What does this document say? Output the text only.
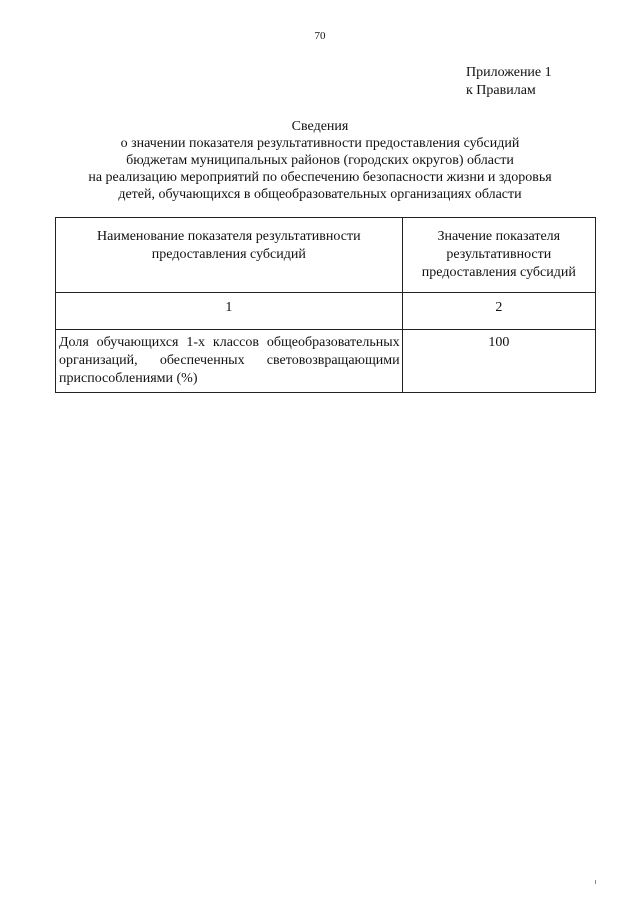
70
Приложение 1
к Правилам
Сведения
о значении показателя результативности предоставления субсидий
бюджетам муниципальных районов (городских округов) области
на реализацию мероприятий по обеспечению безопасности жизни и здоровья
детей, обучающихся в общеобразовательных организациях области
Наименование показателя результативности предоставления субсидий	Значение показателя результативности предоставления субсидий
1	2
Доля обучающихся 1-х классов общеобразовательных организаций, обеспеченных световозвращающими приспособлениями (%)	100
